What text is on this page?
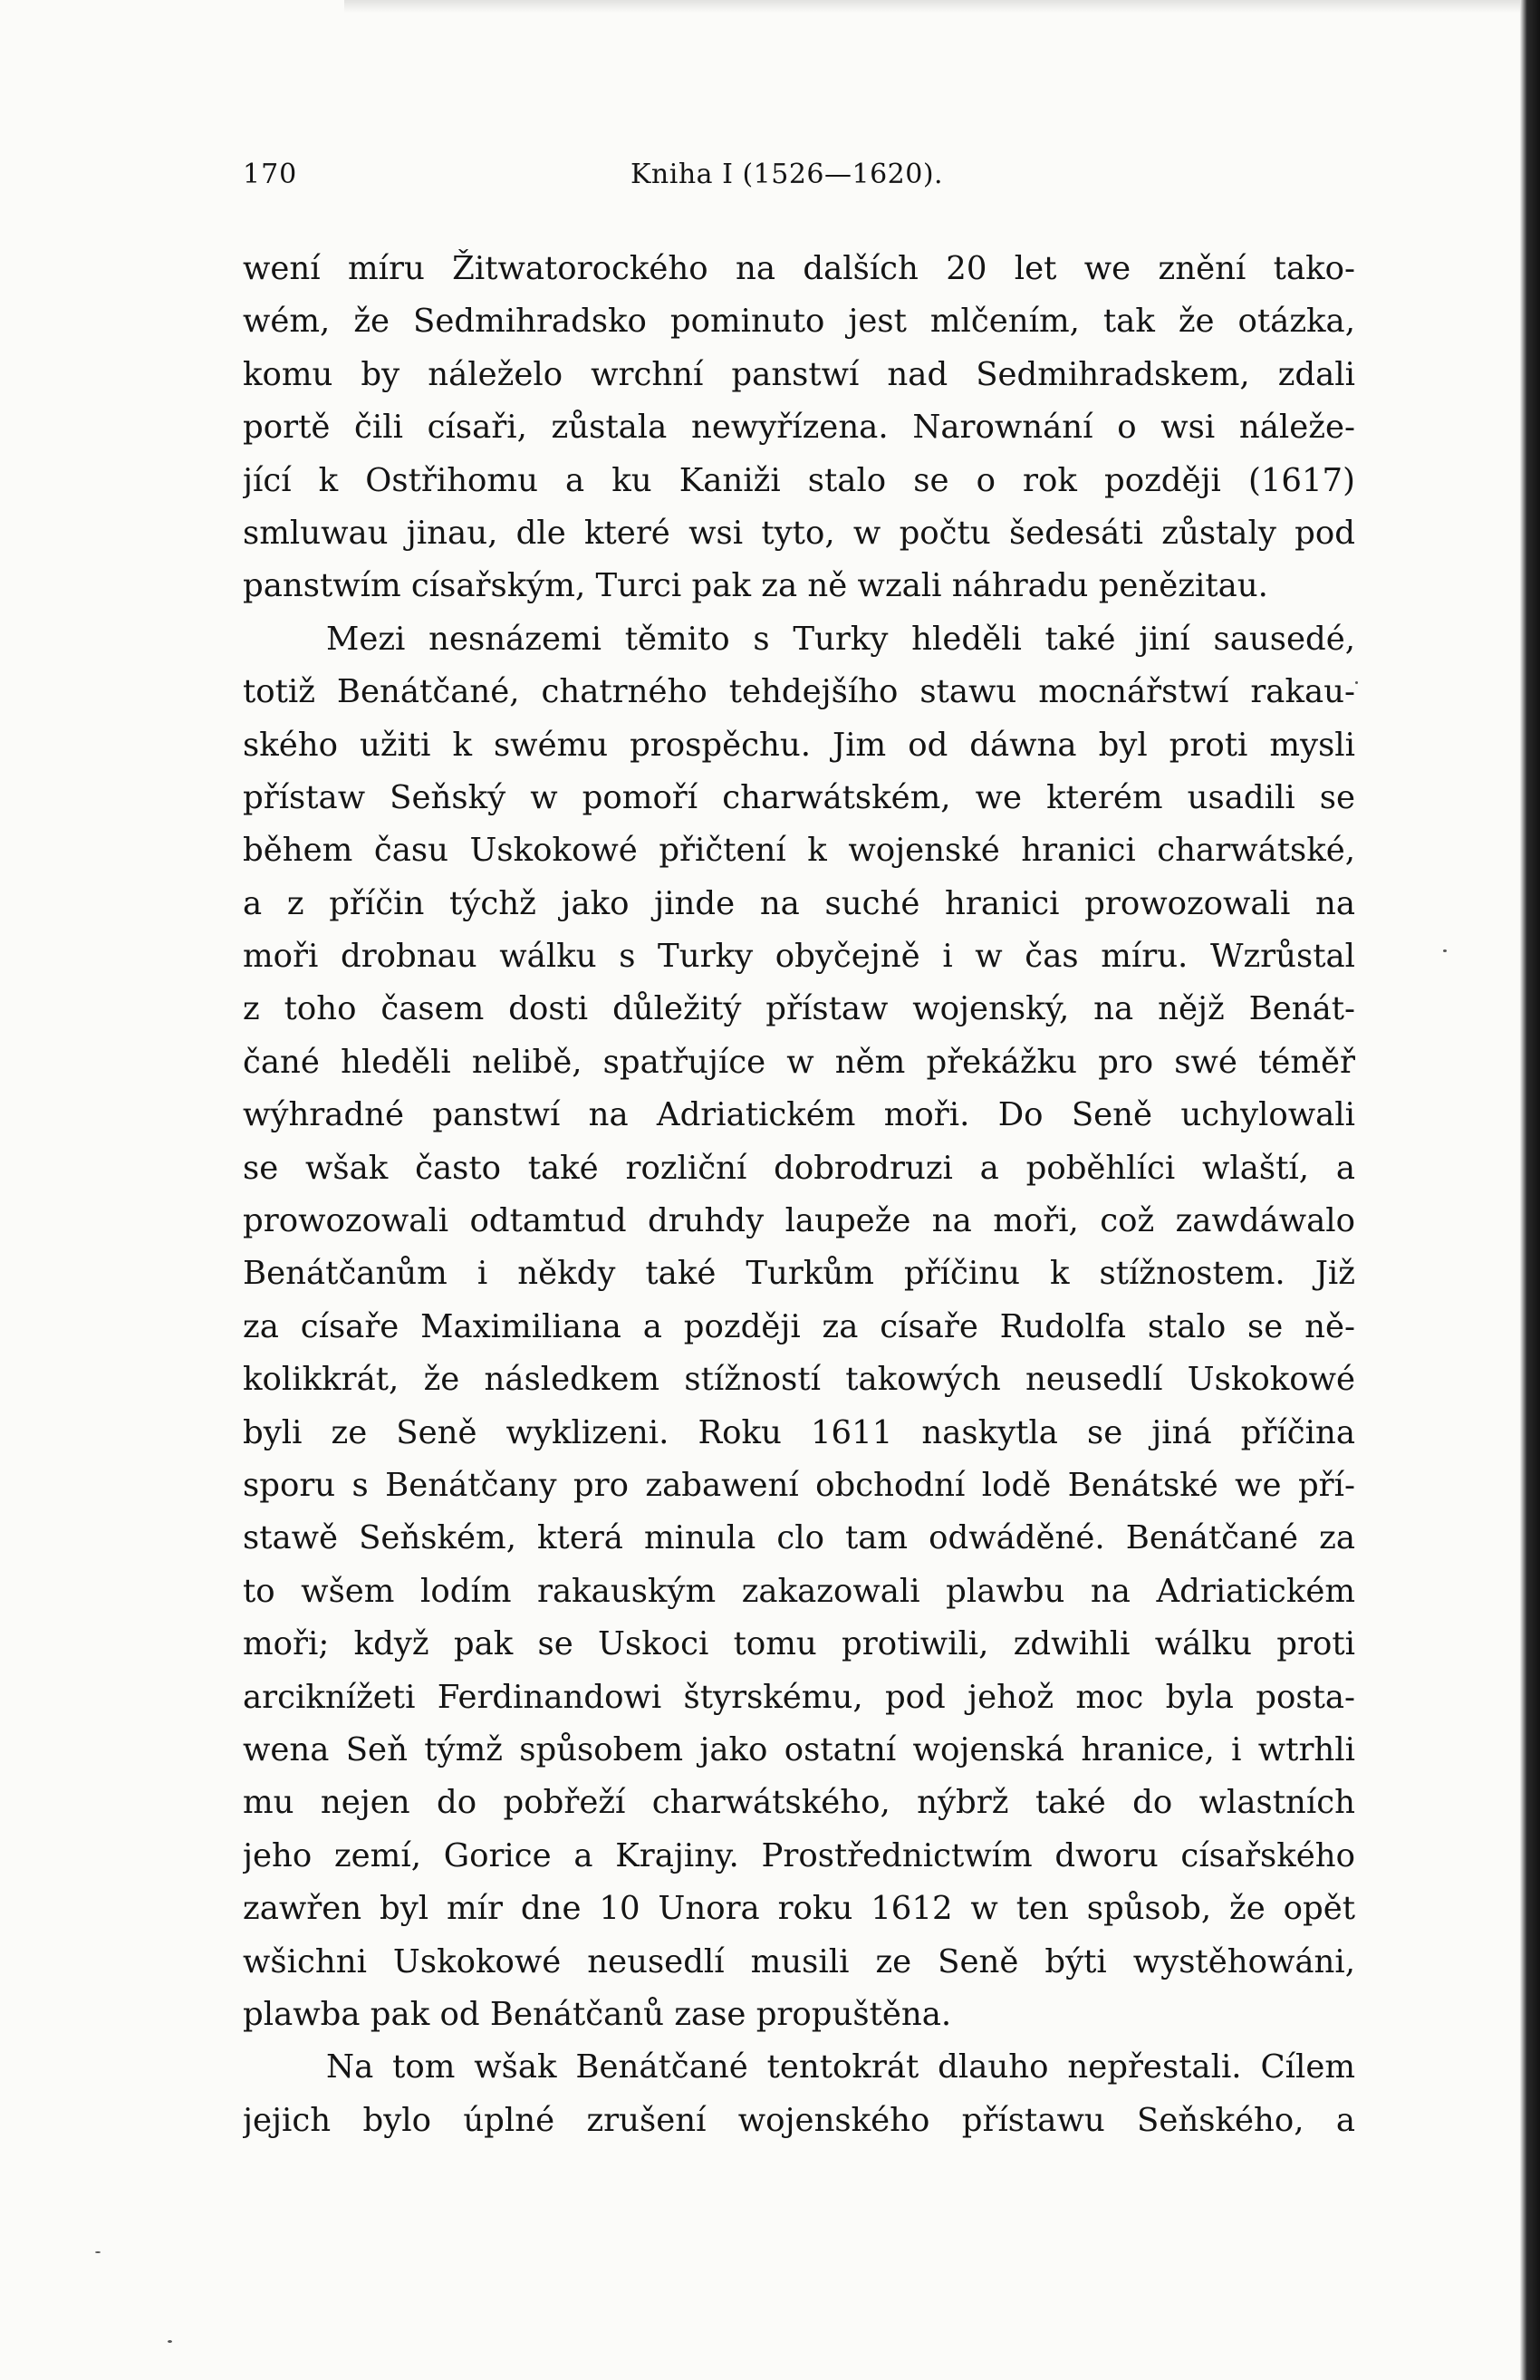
170	Kniha I (1526—1620).
wení míru Žitwatorockého na dalších 20 let we znění tako-
wém, že Sedmihradsko pominuto jest mlčením, tak že otázka,
komu by náleželo wrchní panstwí nad Sedmihradskem, zdali
portě čili císaři, zůstala newyřízena. Narownání o wsi náleže-
jící k Ostřihomu a ku Kaniži stalo se o rok později (1617)
smluwau jinau, dle které wsi tyto, w počtu šedesáti zůstaly pod
panstwím císařským, Turci pak za ně wzali náhradu penězitau.
Mezi nesnázemi těmito s Turky hleděli také jiní sausedé,
totiž Benátčané, chatrného tehdejšího stawu mocnářstwí rakau-
ského užiti k swému prospěchu. Jim od dáwna byl proti mysli
přístaw Seňský w pomoří charwátském, we kterém usadili se
během času Uskokowé přičtení k wojenské hranici charwátské,
a z příčin týchž jako jinde na suché hranici prowozowali na
moři drobnau wálku s Turky obyčejně i w čas míru. Wzrůstal
z toho časem dosti důležitý přístaw wojenský, na nějž Benát-
čané hleděli nelibě, spatřujíce w něm překážku pro swé téměř
wýhradné panstwí na Adriatickém moři. Do Seně uchylowali
se wšak často také rozliční dobrodruzi a poběhlíci wlaští, a
prowozowali odtamtud druhdy laupeže na moři, což zawdáwalo
Benátčanům i někdy také Turkům příčinu k stížnostem. Již
za císaře Maximiliana a později za císaře Rudolfa stalo se ně-
kolikkrát, že následkem stížností takowých neusedlí Uskokowé
byli ze Seně wyklizeni. Roku 1611 naskytla se jiná příčina
sporu s Benátčany pro zabawení obchodní lodě Benátské we pří-
stawě Seňském, která minula clo tam odwáděné. Benátčané za
to wšem lodím rakauským zakazowali plawbu na Adriatickém
moři; když pak se Uskoci tomu protiwili, zdwihli wálku proti
arciknížeti Ferdinandowi štyrskému, pod jehož moc byla posta-
wena Seň týmž spůsobem jako ostatní wojenská hranice, i wtrhli
mu nejen do pobřeží charwátského, nýbrž také do wlastních
jeho zemí, Gorice a Krajiny. Prostřednictwím dworu císařského
zawřen byl mír dne 10 Unora roku 1612 w ten spůsob, že opět
wšichni Uskokowé neusedlí musili ze Seně býti wystěhowáni,
plawba pak od Benátčanů zase propuštěna.
Na tom wšak Benátčané tentokrát dlauho nepřestali. Cílem
jejich bylo úplné zrušení wojenského přístawu Seňského, a
